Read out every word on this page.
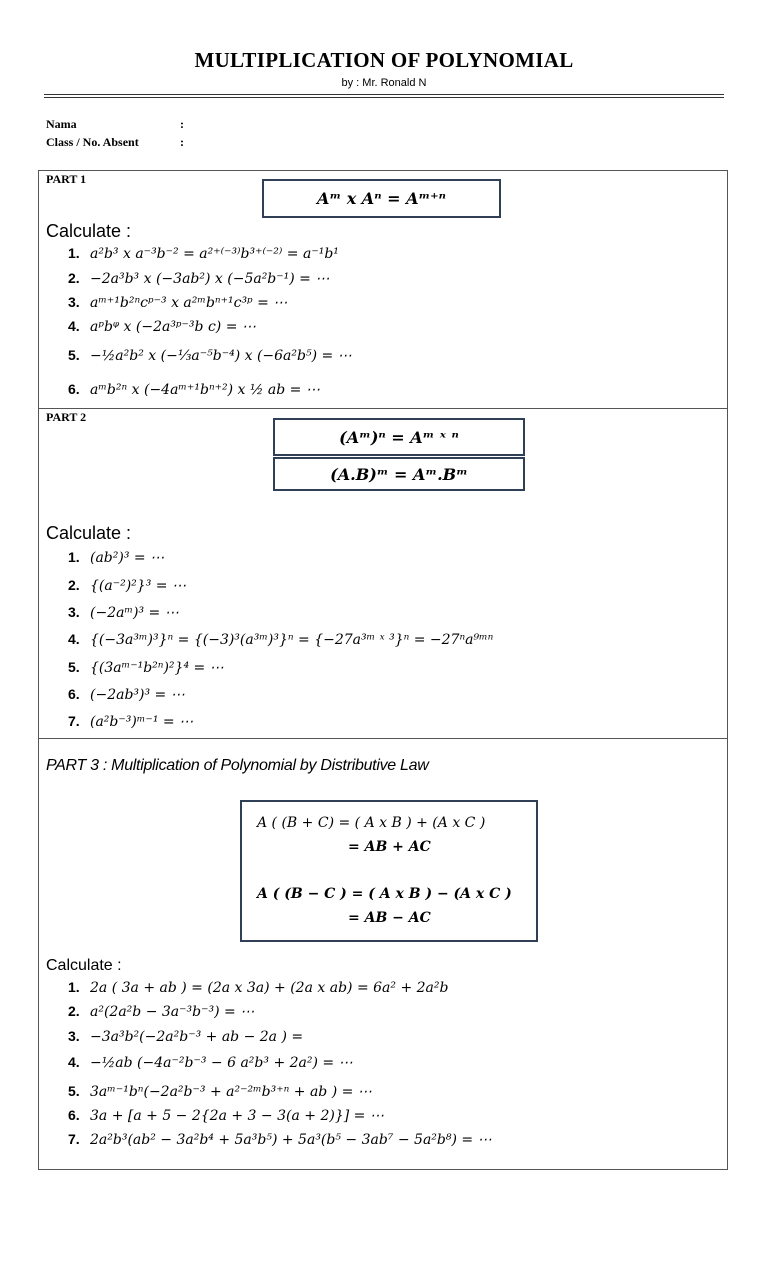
MULTIPLICATION OF POLYNOMIAL
by : Mr. Ronald N
Nama	:
Class / No. Absent	:
PART 1
Aᵐ x Aⁿ = Aᵐ⁺ⁿ
Calculate :
1. a²b³ x a⁻³b⁻² = a²⁺⁽⁻³⁾b³⁺⁽⁻²⁾ = a⁻¹b¹
2. −2a³b³ x (−3ab²) x (−5a²b⁻¹) = ⋯
3. aᵐ⁺¹b²ⁿcᵖ⁻³ x a²ᵐbⁿ⁺¹c³ᵖ = ⋯
4. aᵖbᵠ x (−2a³ᵖ⁻³b c) = ⋯
5. −½a²b² x (−⅓a⁻⁵b⁻⁴) x (−6a²b⁵) = ⋯
6. aᵐb²ⁿ x (−4aᵐ⁺¹bⁿ⁺²) x ½ ab = ⋯
PART 2
(Aᵐ)ⁿ = Aᵐ ˣ ⁿ
(A.B)ᵐ = Aᵐ.Bᵐ
Calculate :
1. (ab²)³ = ⋯
2. {(a⁻²)²}³ = ⋯
3. (−2aᵐ)³ = ⋯
4. {(−3a³ᵐ)³}ⁿ = {(−3)³(a³ᵐ)³}ⁿ = {−27a³ᵐ ˣ ³}ⁿ = −27ⁿa⁹ᵐⁿ
5. {(3aᵐ⁻¹b²ⁿ)²}⁴ = ⋯
6. (−2ab³)³ = ⋯
7. (a²b⁻³)ᵐ⁻¹ = ⋯
PART 3 : Multiplication of Polynomial by Distributive Law
A ( (B + C) = ( A x B ) + (A x C )
= AB + AC
A ( (B − C ) = ( A x B ) − (A x C )
= AB − AC
Calculate :
1. 2a ( 3a + ab ) = (2a x 3a) + (2a x ab) = 6a² + 2a²b
2. a²(2a²b − 3a⁻³b⁻³) = ⋯
3. −3a³b²(−2a²b⁻³ + ab − 2a ) =
4. −½ab (−4a⁻²b⁻³ − 6 a²b³ + 2a²) = ⋯
5. 3aᵐ⁻¹bⁿ(−2a²b⁻³ + a²⁻²ᵐb³⁺ⁿ + ab ) = ⋯
6. 3a + [a + 5 − 2{2a + 3 − 3(a + 2)}] = ⋯
7. 2a²b³(ab² − 3a²b⁴ + 5a³b⁵) + 5a³(b⁵ − 3ab⁷ − 5a²b⁸) = ⋯
